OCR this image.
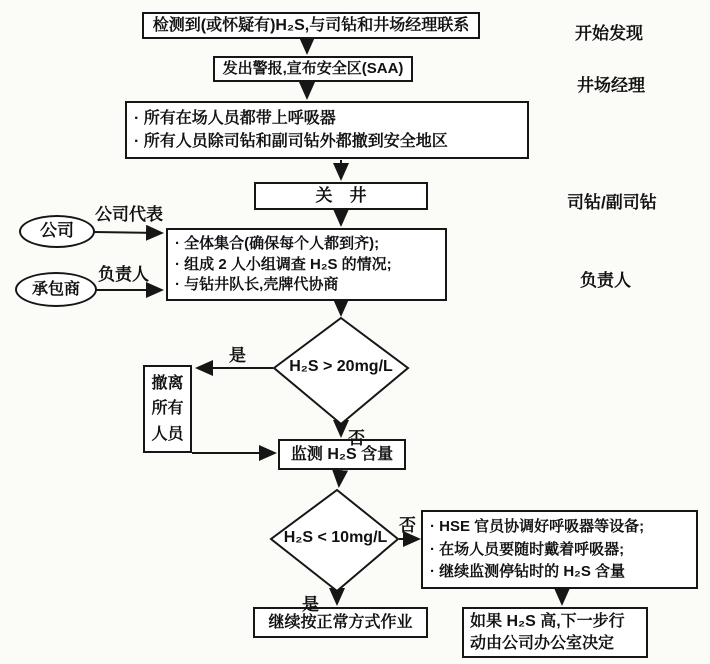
检测到(或怀疑有)H₂S,与司钻和井场经理联系
发出警报,宣布安全区(SAA)
· 所有在场人员都带上呼吸器
· 所有人员除司钻和副司钻外都撤到安全地区
关　井
· 全体集合(确保每个人都到齐);
· 组成 2 人小组调查 H₂S 的情况;
· 与钻井队长,壳牌代协商
撤离
所有
人员
监测 H₂S 含量
· HSE 官员协调好呼吸器等设备;
· 在场人员要随时戴着呼吸器;
· 继续监测停钻时的 H₂S 含量
继续按正常方式作业	如果 H₂S 高,下一步行
动由公司办公室决定
公司
承包商
H₂S > 20mg/L
H₂S < 10mg/L
公司代表
负责人
是
否
否
是
开始发现
井场经理
司钻/副司钻
负责人
